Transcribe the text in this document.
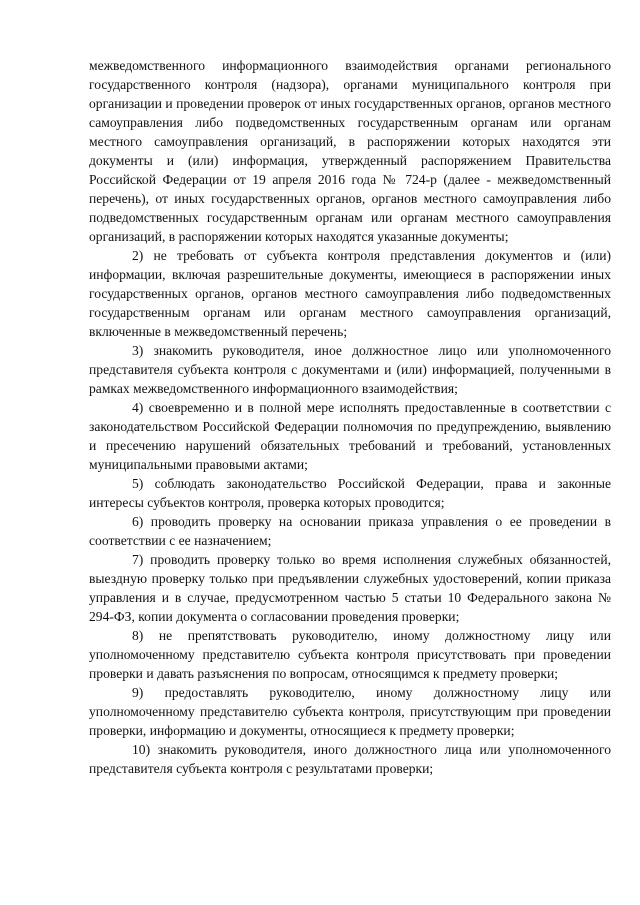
межведомственного информационного взаимодействия органами регионального государственного контроля (надзора), органами муниципального контроля при организации и проведении проверок от иных государственных органов, органов местного самоуправления либо подведомственных государственным органам или органам местного самоуправления организаций, в распоряжении которых находятся эти документы и (или) информация, утвержденный распоряжением Правительства Российской Федерации от 19 апреля 2016 года № 724-р (далее - межведомственный перечень), от иных государственных органов, органов местного самоуправления либо подведомственных государственным органам или органам местного самоуправления организаций, в распоряжении которых находятся указанные документы;

2) не требовать от субъекта контроля представления документов и (или) информации, включая разрешительные документы, имеющиеся в распоряжении иных государственных органов, органов местного самоуправления либо подведомственных государственным органам или органам местного самоуправления организаций, включенные в межведомственный перечень;

3) знакомить руководителя, иное должностное лицо или уполномоченного представителя субъекта контроля с документами и (или) информацией, полученными в рамках межведомственного информационного взаимодействия;

4) своевременно и в полной мере исполнять предоставленные в соответствии с законодательством Российской Федерации полномочия по предупреждению, выявлению и пресечению нарушений обязательных требований и требований, установленных муниципальными правовыми актами;

5) соблюдать законодательство Российской Федерации, права и законные интересы субъектов контроля, проверка которых проводится;

6) проводить проверку на основании приказа управления о ее проведении в соответствии с ее назначением;

7) проводить проверку только во время исполнения служебных обязанностей, выездную проверку только при предъявлении служебных удостоверений, копии приказа управления и в случае, предусмотренном частью 5 статьи 10 Федерального закона № 294-ФЗ, копии документа о согласовании проведения проверки;

8) не препятствовать руководителю, иному должностному лицу или уполномоченному представителю субъекта контроля присутствовать при проведении проверки и давать разъяснения по вопросам, относящимся к предмету проверки;

9) предоставлять руководителю, иному должностному лицу или уполномоченному представителю субъекта контроля, присутствующим при проведении проверки, информацию и документы, относящиеся к предмету проверки;

10) знакомить руководителя, иного должностного лица или уполномоченного представителя субъекта контроля с результатами проверки;
